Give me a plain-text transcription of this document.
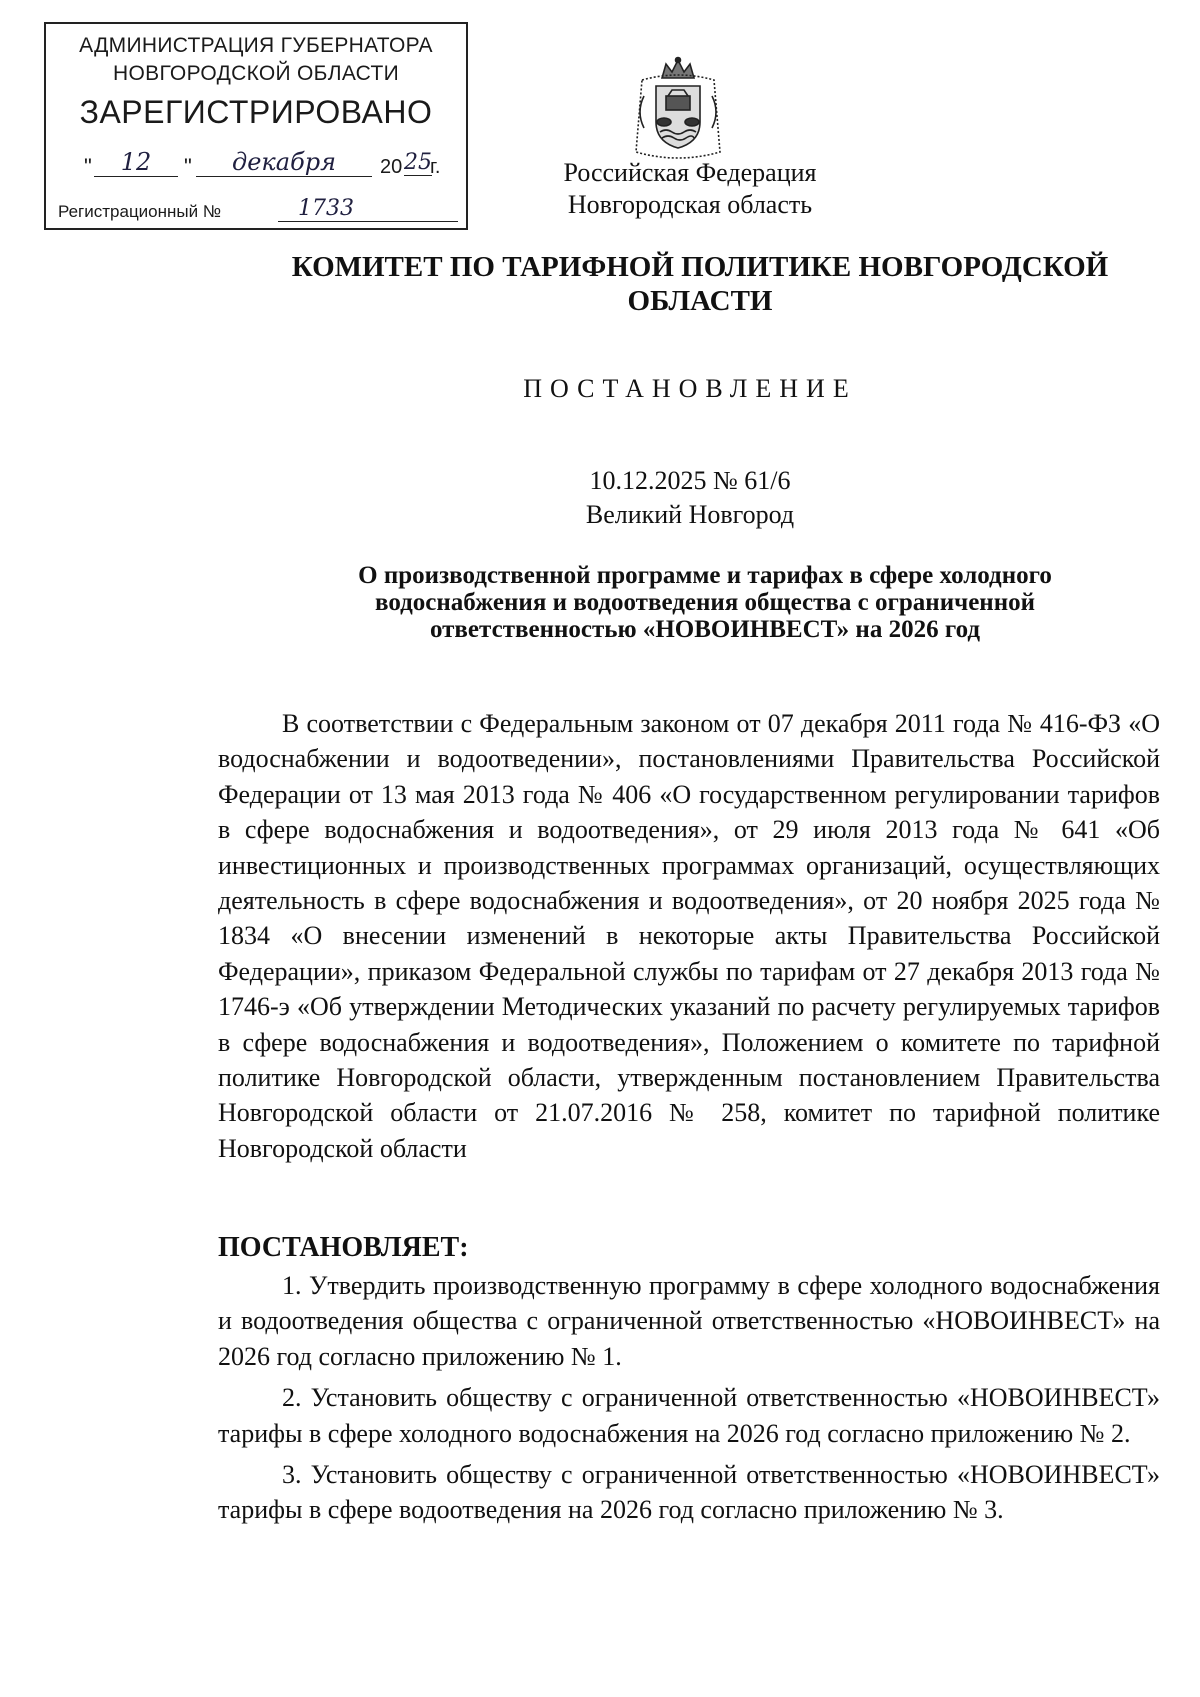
АДМИНИСТРАЦИЯ ГУБЕРНАТОРА
НОВГОРОДСКОЙ ОБЛАСТИ
ЗАРЕГИСТРИРОВАНО
"	12	"	декабря	20 25
г.
Регистрационный №	1733
Российская Федерация
Новгородская область
КОМИТЕТ ПО ТАРИФНОЙ ПОЛИТИКЕ НОВГОРОДСКОЙ ОБЛАСТИ
ПОСТАНОВЛЕНИЕ
10.12.2025 № 61/6
Великий Новгород
О производственной программе и тарифах в сфере холодного водоснабжения и водоотведения общества с ограниченной ответственностью «НОВОИНВЕСТ» на 2026 год

В соответствии с Федеральным законом от 07 декабря 2011 года № 416-ФЗ «О водоснабжении и водоотведении», постановлениями Правительства Российской Федерации от 13 мая 2013 года № 406 «О государственном регулировании тарифов в сфере водоснабжения и водоотведения», от 29 июля 2013 года № 641 «Об инвестиционных и производственных программах организаций, осуществляющих деятельность в сфере водоснабжения и водоотведения», от 20 ноября 2025 года № 1834 «О внесении изменений в некоторые акты Правительства Российской Федерации», приказом Федеральной службы по тарифам от 27 декабря 2013 года № 1746-э «Об утверждении Методических указаний по расчету регулируемых тарифов в сфере водоснабжения и водоотведения», Положением о комитете по тарифной политике Новгородской области, утвержденным постановлением Правительства Новгородской области от 21.07.2016 № 258, комитет по тарифной политике Новгородской области

ПОСТАНОВЛЯЕТ:

1. Утвердить производственную программу в сфере холодного водоснабжения и водоотведения общества с ограниченной ответственностью «НОВОИНВЕСТ» на 2026 год согласно приложению № 1.

2. Установить обществу с ограниченной ответственностью «НОВОИНВЕСТ» тарифы в сфере холодного водоснабжения на 2026 год согласно приложению № 2.

3. Установить обществу с ограниченной ответственностью «НОВОИНВЕСТ» тарифы в сфере водоотведения на 2026 год согласно приложению № 3.
